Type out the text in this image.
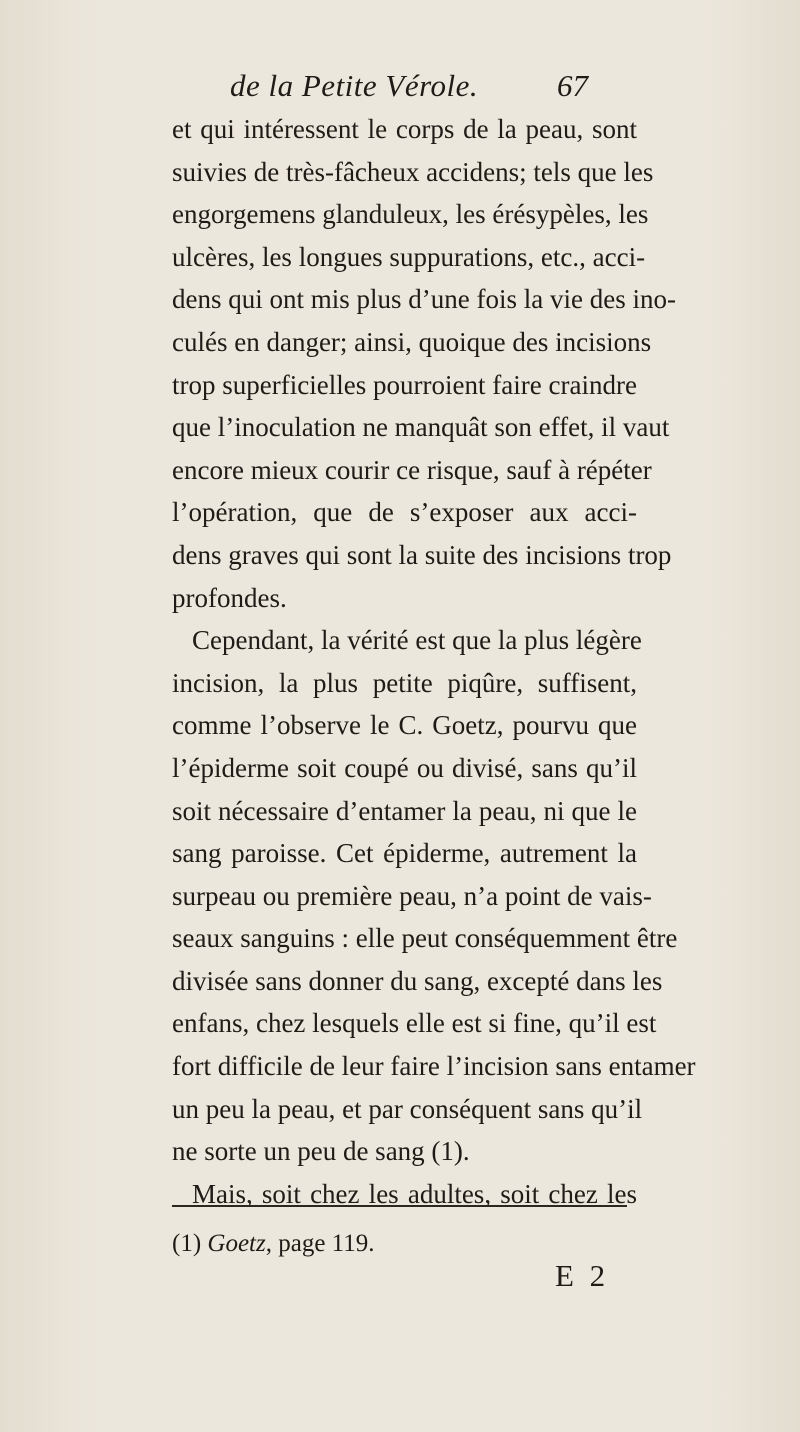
de la Petite Vérole.	67
et qui intéressent le corps de la peau, sont
suivies de très-fâcheux accidens; tels que les
engorgemens glanduleux, les érésypèles, les
ulcères, les longues suppurations, etc., acci-
dens qui ont mis plus d’une fois la vie des ino-
culés en danger; ainsi, quoique des incisions
trop superficielles pourroient faire craindre
que l’inoculation ne manquât son effet, il vaut
encore mieux courir ce risque, sauf à répéter
l’opération, que de s’exposer aux acci-
dens graves qui sont la suite des incisions trop
profondes.
Cependant, la vérité est que la plus légère
incision, la plus petite piqûre, suffisent,
comme l’observe le C. Goetz, pourvu que
l’épiderme soit coupé ou divisé, sans qu’il
soit nécessaire d’entamer la peau, ni que le
sang paroisse. Cet épiderme, autrement la
surpeau ou première peau, n’a point de vais-
seaux sanguins : elle peut conséquemment être
divisée sans donner du sang, excepté dans les
enfans, chez lesquels elle est si fine, qu’il est
fort difficile de leur faire l’incision sans entamer
un peu la peau, et par conséquent sans qu’il
ne sorte un peu de sang (1).
Mais, soit chez les adultes, soit chez les
(1) Goetz, page 119.
E 2
